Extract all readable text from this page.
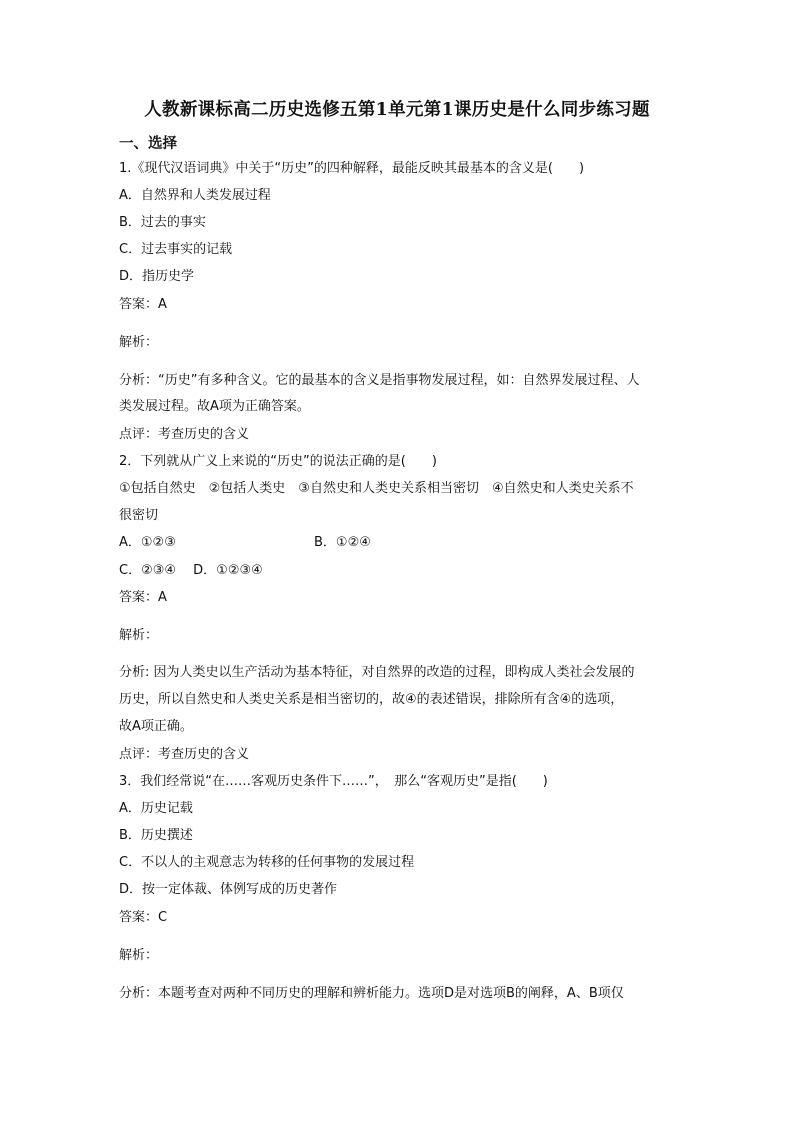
人教新课标高二历史选修五第1单元第1课历史是什么同步练习题
一、选择
1.《现代汉语词典》中关于“历史”的四种解释，最能反映其最基本的含义是(　　)
A．自然界和人类发展过程
B．过去的事实
C．过去事实的记载
D．指历史学
答案：A
解析：
分析：“历史”有多种含义。它的最基本的含义是指事物发展过程，如：自然界发展过程、人
类发展过程。故A项为正确答案。
点评：考查历史的含义
2．下列就从广义上来说的“历史”的说法正确的是(　　)
①包括自然史　②包括人类史　③自然史和人类史关系相当密切　④自然史和人类史关系不
很密切
A．①②③	B．①②④
C．②③④　 D．①②③④
答案：A
解析：
分析: 因为人类史以生产活动为基本特征，对自然界的改造的过程，即构成人类社会发展的
历史，所以自然史和人类史关系是相当密切的，故④的表述错误，排除所有含④的选项，
故A项正确。
点评：考查历史的含义
3．我们经常说“在……客观历史条件下……”，　那么“客观历史”是指(　　)
A．历史记载
B．历史撰述
C．不以人的主观意志为转移的任何事物的发展过程
D．按一定体裁、体例写成的历史著作
答案：C
解析：
分析：本题考查对两种不同历史的理解和辨析能力。选项D是对选项B的阐释，A、B项仅
